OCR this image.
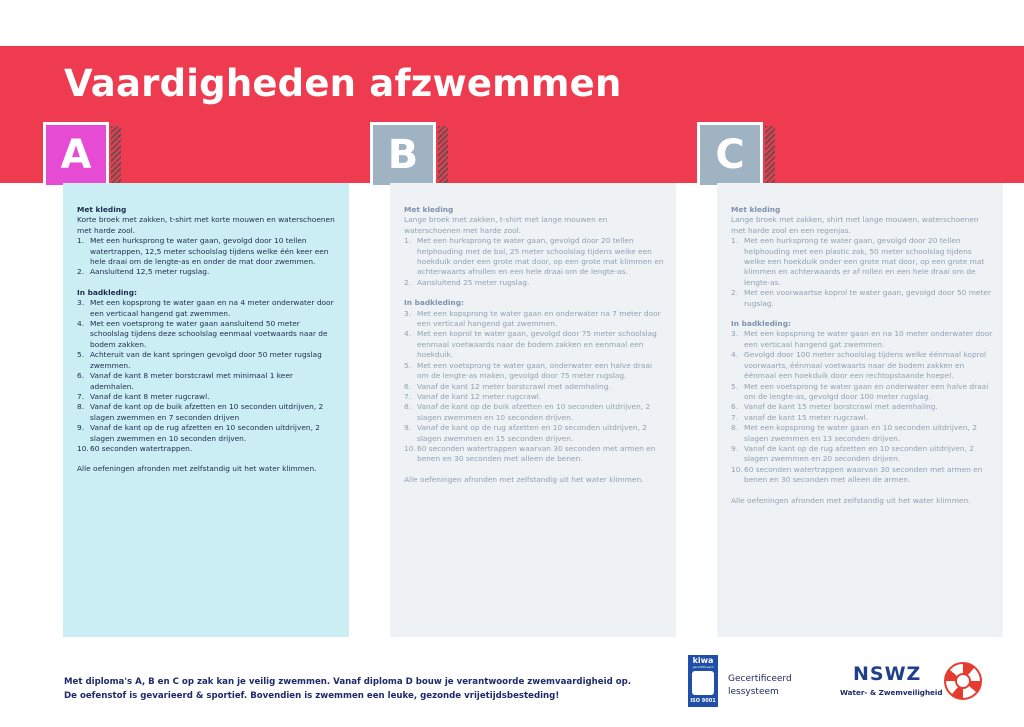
Vaardigheden afzwemmen
A	B	C
Met kleding
Korte broek met zakken, t-shirt met korte mouwen en waterschoenen met harde zool.
1. Met een hurksprong te water gaan, gevolgd door 10 tellen watertrappen, 12,5 meter schoolslag tijdens welke één keer een hele draai om de lengte-as en onder de mat door zwemmen.
2. Aansluitend 12,5 meter rugslag.
In badkleding:
3. Met een kopsprong te water gaan en na 4 meter onderwater door een verticaal hangend gat zwemmen.
4. Met een voetsprong te water gaan aansluitend 50 meter schoolslag tijdens deze schoolslag eenmaal voetwaards naar de bodem zakken.
5. Achteruit van de kant springen gevolgd door 50 meter rugslag zwemmen.
6. Vanaf de kant 8 meter borstcrawl met minimaal 1 keer ademhalen.
7. Vanaf de kant 8 meter rugcrawl.
8. Vanaf de kant op de buik afzetten en 10 seconden uitdrijven, 2 slagen zwemmen en 7 seconden drijven
9. Vanaf de kant op de rug afzetten en 10 seconden uitdrijven, 2 slagen zwemmen en 10 seconden drijven.
10. 60 seconden watertrappen.
Alle oefeningen afronden met zelfstandig uit het water klimmen.
Met kleding
Lange broek met zakken, t-shirt met lange mouwen en waterschoenen met harde zool.
1. Met een hurksprong te water gaan, gevolgd door 20 tellen helphouding met de bal, 25 meter schoolslag tijdens welke een hoekduik onder een grote mat door, op een grote mat klimmen en achterwaarts afrollen en een hele draai om de lengte-as.
2. Aansluitend 25 meter rugslag.
In badkleding:
3. Met een kopsprong te water gaan en onderwater na 7 meter door een verticaal hangend gat zwemmen.
4. Met een koprol te water gaan, gevolgd door 75 meter schoolslag eenmaal voetwaards naar de bodem zakken en eenmaal een hoekduik.
5. Met een voetsprong te water gaan, onderwater een halve draai om de lengte-as maken, gevolgd door 75 meter rugslag.
6. Vanaf de kant 12 meter borstcrawl met ademhaling.
7. Vanaf de kant 12 meter rugcrawl.
8. Vanaf de kant op de buik afzetten en 10 seconden uitdrijven, 2 slagen zwemmen en 10 seconden drijven.
9. Vanaf de kant op de rug afzetten en 10 seconden uitdrijven, 2 slagen zwemmen en 15 seconden drijven.
10. 60 seconden watertrappen waarvan 30 seconden met armen en benen en 30 seconden met alleen de benen.
Alle oefeningen afronden met zelfstandig uit het water klimmen.
Met kleding
Lange broek met zakken, shirt met lange mouwen, waterschoenen met harde zool en een regenjas.
1. Met een hurksprong te water gaan, gevolgd door 20 tellen helphouding met een plastic zak, 50 meter schoolslag tijdens welke een hoekduik onder een grote mat door, op een grote mat klimmen en achterwaards er af rollen en een hele draai om de lengte-as.
2. Met een voorwaartse koprol te water gaan, gevolgd door 50 meter rugslag.
In badkleding:
3. Met een kopsprong te water gaan en na 10 meter onderwater door een verticaal hangend gat zwemmen.
4. Gevolgd door 100 meter schoolslag tijdens welke éénmaal koprol voorwaarts, éénmaal voetwaarts naar de bodem zakken en éénmaal een hoekduik door een rechtopstaande hoepel.
5. Met een voetsprong te water gaan en onderwater een halve draai om de lengte-as, gevolgd door 100 meter rugslag.
6. Vanaf de kant 15 meter borstcrawl met ademhaling.
7. vanaf de kant 15 meter rugcrawl.
8. Met een kopsprong te water gaan en 10 seconden uitdrijven, 2 slagen zwemmen en 13 seconden drijven.
9. Vanaf de kant op de rug afzetten en 10 seconden uitdrijven, 2 slagen zwemmen en 20 seconden drijven.
10. 60 seconden watertrappen waarvan 30 seconden met armen en benen en 30 seconden met alleen de armen.
Alle oefeningen afronden met zelfstandig uit het water klimmen.
Met diploma's A, B en C op zak kan je veilig zwemmen. Vanaf diploma D bouw je verantwoorde zwemvaardigheid op.
De oefenstof is gevarieerd & sportief. Bovendien is zwemmen een leuke, gezonde vrijetijdsbesteding!
kiwa
gecertificeerd
ISO 9001
Gecertificeerd
lessysteem
NSWZ
Water- & Zwemveiligheid
